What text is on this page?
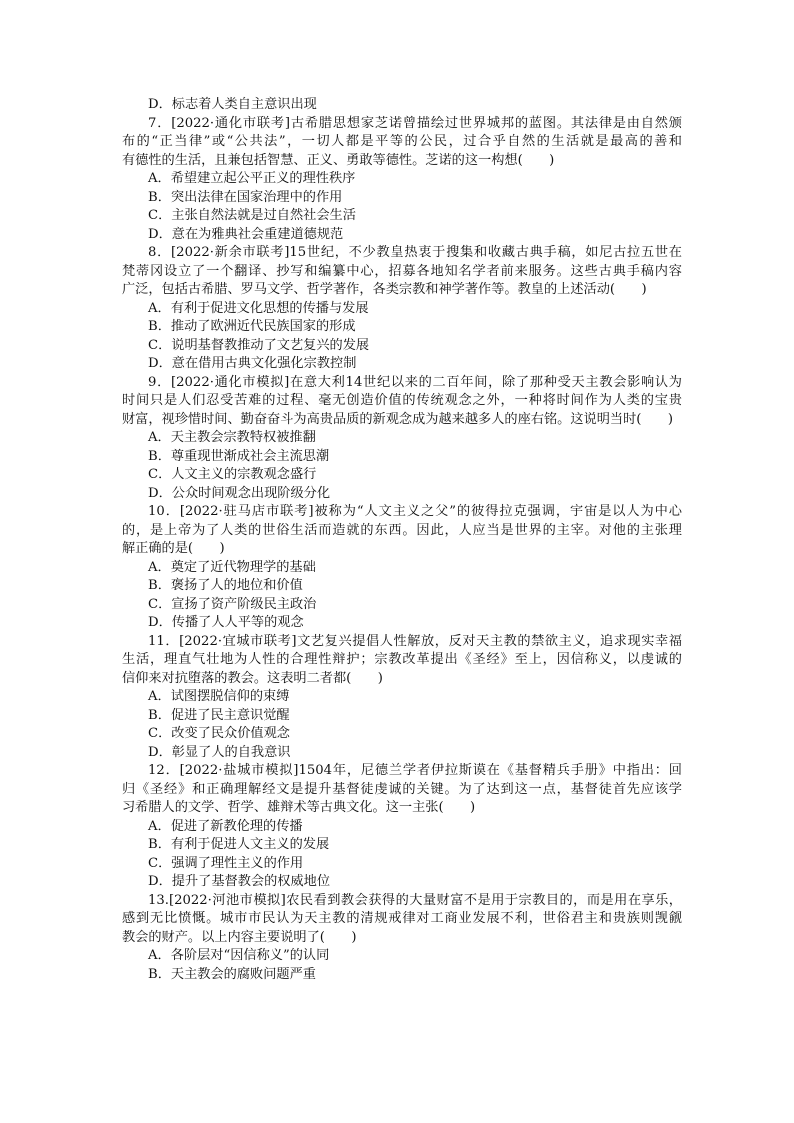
D．标志着人类自主意识出现
7．[2022·通化市联考]古希腊思想家芝诺曾描绘过世界城邦的蓝图。其法律是由自然颁
布的“正当律”或“公共法”，一切人都是平等的公民，过合乎自然的生活就是最高的善和
有德性的生活，且兼包括智慧、正义、勇敢等德性。芝诺的这一构想(　　)
A．希望建立起公平正义的理性秩序
B．突出法律在国家治理中的作用
C．主张自然法就是过自然社会生活
D．意在为雅典社会重建道德规范
8．[2022·新余市联考]15世纪，不少教皇热衷于搜集和收藏古典手稿，如尼古拉五世在
梵蒂冈设立了一个翻译、抄写和编纂中心，招募各地知名学者前来服务。这些古典手稿内容
广泛，包括古希腊、罗马文学、哲学著作，各类宗教和神学著作等。教皇的上述活动(　　)
A．有利于促进文化思想的传播与发展
B．推动了欧洲近代民族国家的形成
C．说明基督教推动了文艺复兴的发展
D．意在借用古典文化强化宗教控制
9．[2022·通化市模拟]在意大利14世纪以来的二百年间，除了那种受天主教会影响认为
时间只是人们忍受苦难的过程、毫无创造价值的传统观念之外，一种将时间作为人类的宝贵
财富，视珍惜时间、勤奋奋斗为高贵品质的新观念成为越来越多人的座右铭。这说明当时(　　)
A．天主教会宗教特权被推翻
B．尊重现世渐成社会主流思潮
C．人文主义的宗教观念盛行
D．公众时间观念出现阶级分化
10．[2022·驻马店市联考]被称为“人文主义之父”的彼得拉克强调，宇宙是以人为中心
的，是上帝为了人类的世俗生活而造就的东西。因此，人应当是世界的主宰。对他的主张理
解正确的是(　　)
A．奠定了近代物理学的基础
B．褒扬了人的地位和价值
C．宣扬了资产阶级民主政治
D．传播了人人平等的观念
11．[2022·宜城市联考]文艺复兴提倡人性解放，反对天主教的禁欲主义，追求现实幸福
生活，理直气壮地为人性的合理性辩护；宗教改革提出《圣经》至上，因信称义，以虔诚的
信仰来对抗堕落的教会。这表明二者都(　　)
A．试图摆脱信仰的束缚
B．促进了民主意识觉醒
C．改变了民众价值观念
D．彰显了人的自我意识
12．[2022·盐城市模拟]1504年，尼德兰学者伊拉斯谟在《基督精兵手册》中指出：回
归《圣经》和正确理解经文是提升基督徒虔诚的关键。为了达到这一点，基督徒首先应该学
习希腊人的文学、哲学、雄辩术等古典文化。这一主张(　　)
A．促进了新教伦理的传播
B．有利于促进人文主义的发展
C．强调了理性主义的作用
D．提升了基督教会的权威地位
13.[2022·河池市模拟]农民看到教会获得的大量财富不是用于宗教目的，而是用在享乐，
感到无比愤慨。城市市民认为天主教的清规戒律对工商业发展不利，世俗君主和贵族则觊觎
教会的财产。以上内容主要说明了(　　)
A．各阶层对“因信称义”的认同
B．天主教会的腐败问题严重
